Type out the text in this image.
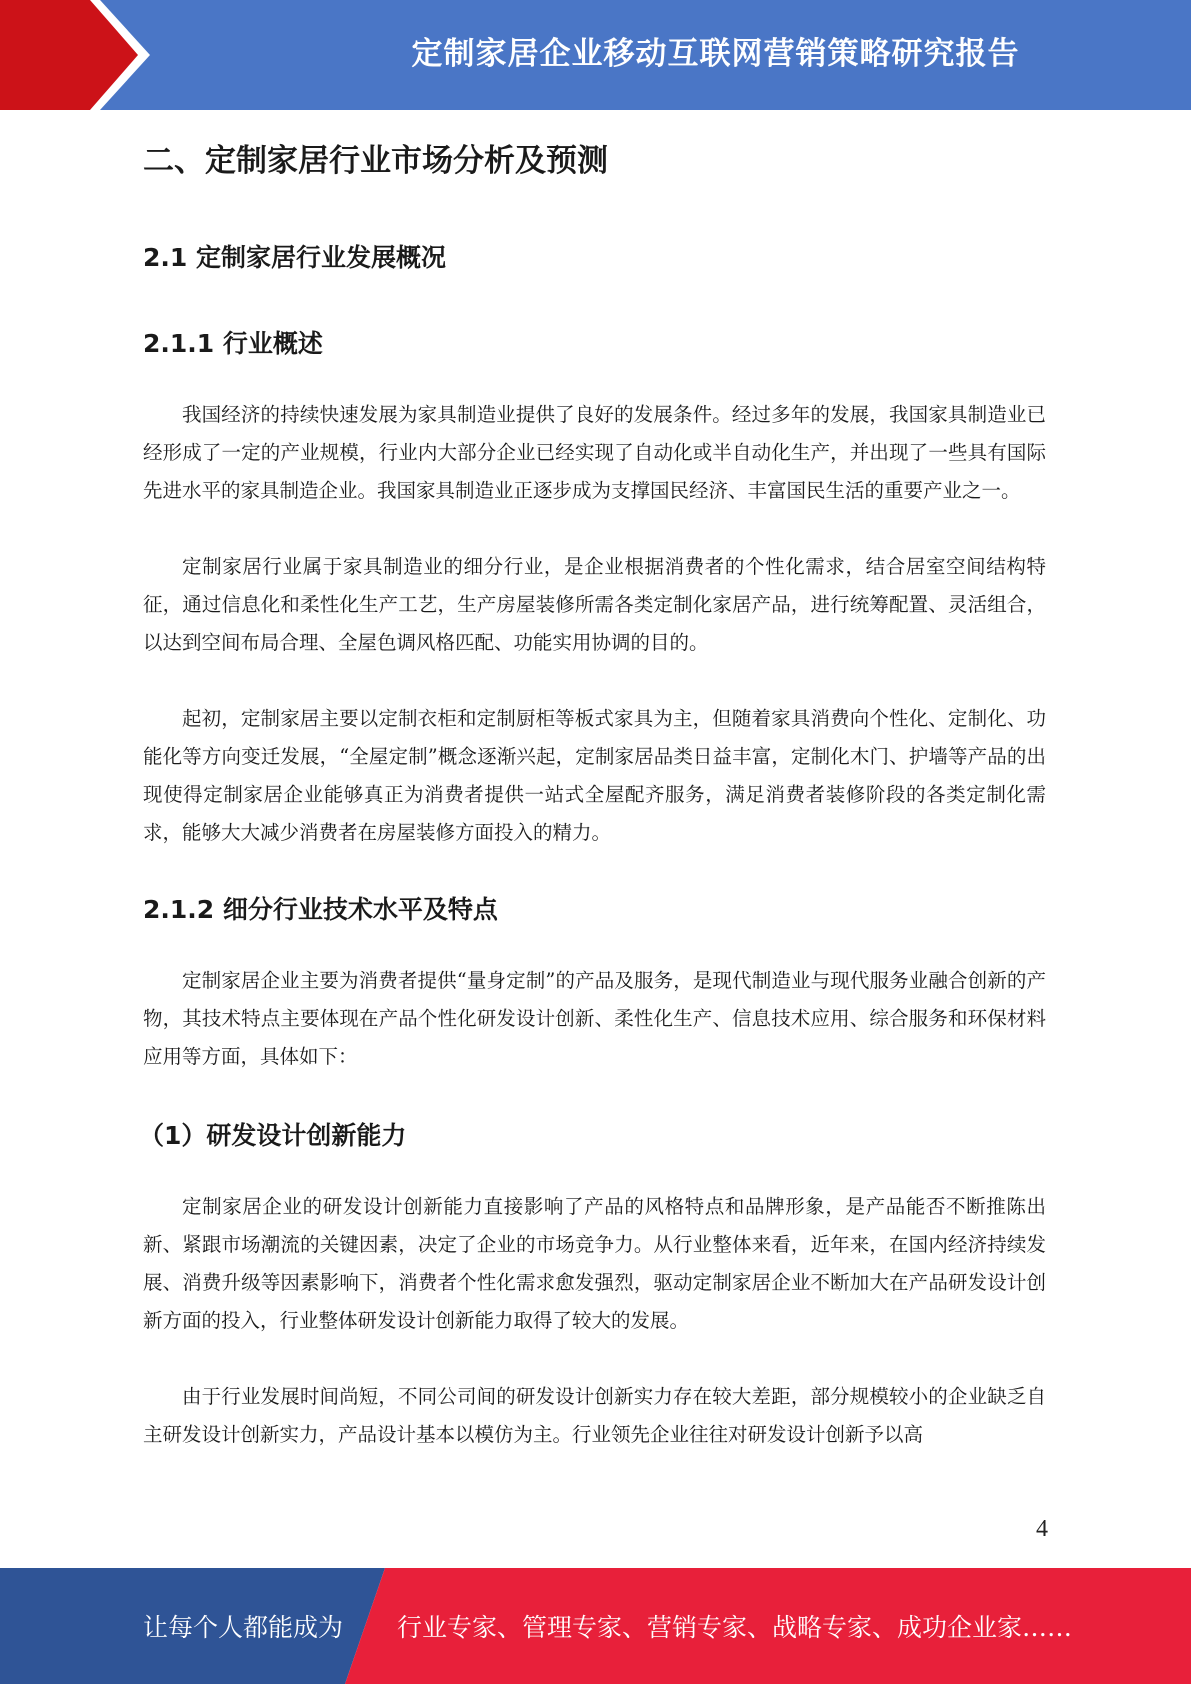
定制家居企业移动互联网营销策略研究报告
二、定制家居行业市场分析及预测
2.1 定制家居行业发展概况
2.1.1 行业概述

我国经济的持续快速发展为家具制造业提供了良好的发展条件。经过多年的发展，我国家具制造业已经形成了一定的产业规模，行业内大部分企业已经实现了自动化或半自动化生产，并出现了一些具有国际先进水平的家具制造企业。我国家具制造业正逐步成为支撑国民经济、丰富国民生活的重要产业之一。

定制家居行业属于家具制造业的细分行业，是企业根据消费者的个性化需求，结合居室空间结构特征，通过信息化和柔性化生产工艺，生产房屋装修所需各类定制化家居产品，进行统筹配置、灵活组合，以达到空间布局合理、全屋色调风格匹配、功能实用协调的目的。

起初，定制家居主要以定制衣柜和定制厨柜等板式家具为主，但随着家具消费向个性化、定制化、功能化等方向变迁发展，“全屋定制”概念逐渐兴起，定制家居品类日益丰富，定制化木门、护墙等产品的出现使得定制家居企业能够真正为消费者提供一站式全屋配齐服务，满足消费者装修阶段的各类定制化需求，能够大大减少消费者在房屋装修方面投入的精力。

2.1.2 细分行业技术水平及特点

定制家居企业主要为消费者提供“量身定制”的产品及服务，是现代制造业与现代服务业融合创新的产物，其技术特点主要体现在产品个性化研发设计创新、柔性化生产、信息技术应用、综合服务和环保材料应用等方面，具体如下：

（1）研发设计创新能力

定制家居企业的研发设计创新能力直接影响了产品的风格特点和品牌形象，是产品能否不断推陈出新、紧跟市场潮流的关键因素，决定了企业的市场竞争力。从行业整体来看，近年来，在国内经济持续发展、消费升级等因素影响下，消费者个性化需求愈发强烈，驱动定制家居企业不断加大在产品研发设计创新方面的投入，行业整体研发设计创新能力取得了较大的发展。

由于行业发展时间尚短，不同公司间的研发设计创新实力存在较大差距，部分规模较小的企业缺乏自主研发设计创新实力，产品设计基本以模仿为主。行业领先企业往往对研发设计创新予以高

4
让每个人都能成为 行业专家、管理专家、营销专家、战略专家、成功企业家……
